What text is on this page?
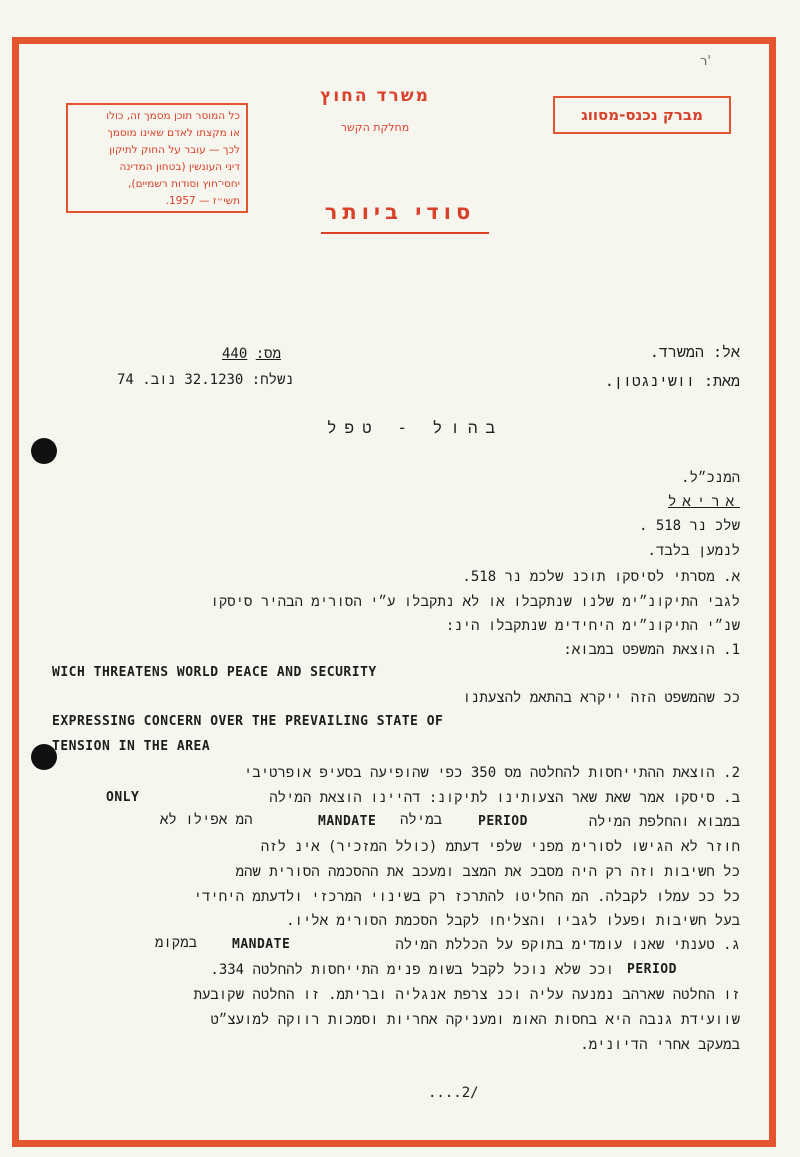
ר'
כל המוסר תוכן מסמך זה, כולו
או מקצתו לאדם שאינו מוסמך
לכך — עובר על החוק לתיקון
דיני העונשין (בטחון המדינה
יחסי־חוץ וסודות רשמיים),
תשי״ז — 1957.
משרד החוץ
מחלקת הקשר
מברק נכנס-מסווג
סודי ביותר
אל: המשרד.
מס: 440
מאת: וושינגטון.
נשלח: 32.1230 נוב. 74
בהול - טפל
המנכ״ל.
אריאל
שלכ נר 518 .
לנמען בלבד.
א. מסרתי לסיסקו תוכנ שלכמ נר 518.
לגבי התיקונ״ימ שלנו שנתקבלו או לא נתקבלו ע״י הסורימ הבהיר סיסקו
שנ״י התיקונ״ימ היחידימ שנתקבלו הינ:
1. הוצאת המשפט במבוא:
WICH THREATENS WORLD PEACE AND SECURITY
ככ שהמשפט הזה ייקרא בהתאמ להצעתנו
EXPRESSING CONCERN OVER THE PREVAILING STATE OF
TENSION IN THE AREA
2. הוצאת ההתייחסות להחלטה מס 350 כפי שהופיעה בסעיפ אופרטיבי
ב. סיסקו אמר שאת שאר הצעותינו לתיקונ: דהיינו הוצאת המילה
ONLY
במבוא והחלפת המילה
PERIOD
במילה
MANDATE
המ אפילו לא
חוזר לא הגישו לסורימ מפני שלפי דעתמ (כולל המזכיר) אינ לזה
כל חשיבות וזה רק היה מסבכ את המצב ומעכב את ההסכמה הסורית שהמ
כל ככ עמלו לקבלה. המ החליטו להתרכז רק בשינוי המרכזי ולדעתמ היחידי
בעל חשיבות ופעלו לגביו והצליחו לקבל הסכמת הסורימ אליו.
ג. טענתי שאנו עומדימ בתוקפ על הכללת המילה
MANDATE
במקומ
PERIOD
וככ שלא נוכל לקבל בשומ פנימ התייחסות להחלטה 334.
זו החלטה שארהב נמנעה עליה וכנ צרפת אנגליה ובריתמ. זו החלטה שקובעת
שוועידת גנבה היא בחסות האומ ומעניקה אחריות וסמכות רווקה למועצ״ט
במעקב אחרי הדיונימ.
....2/
